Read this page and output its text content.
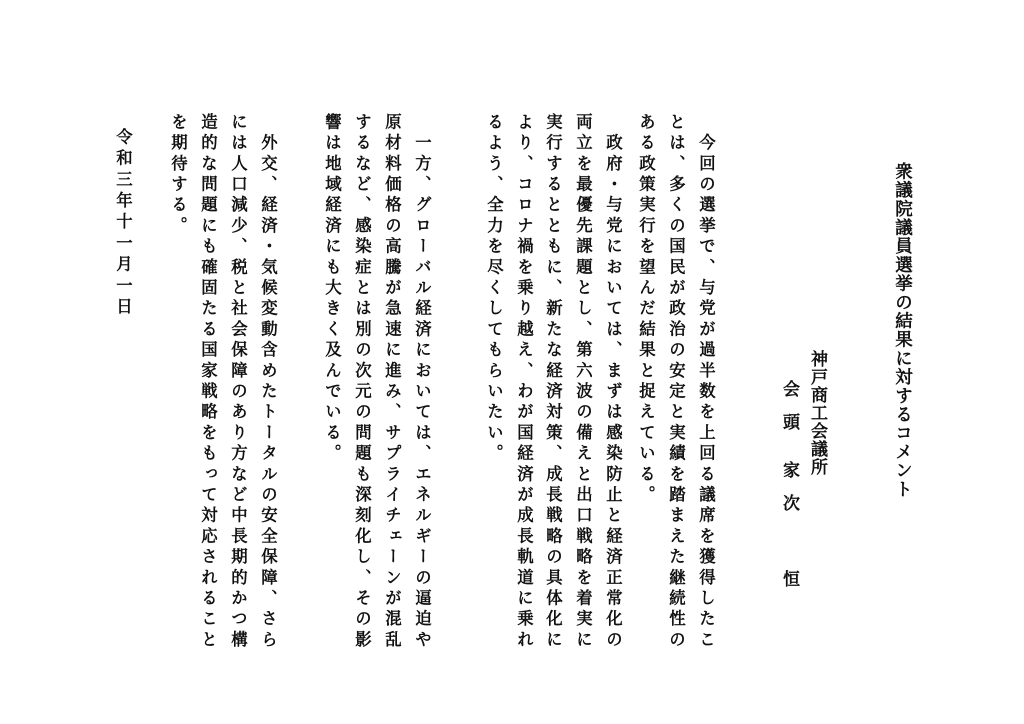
衆議院議員選挙の結果に対するコメント
神戸商工会議所
会頭家次恒
　今回の選挙で、与党が過半数を上回る議席を獲得したこ
とは、多くの国民が政治の安定と実績を踏まえた継続性の
ある政策実行を望んだ結果と捉えている。
　政府・与党においては、まずは感染防止と経済正常化の
両立を最優先課題とし、第六波の備えと出口戦略を着実に
実行するとともに、新たな経済対策、成長戦略の具体化に
より、コロナ禍を乗り越え、わが国経済が成長軌道に乗れ
るよう、全力を尽くしてもらいたい。
　一方、グローバル経済においては、エネルギーの逼迫や
原材料価格の高騰が急速に進み、サプライチェーンが混乱
するなど、感染症とは別の次元の問題も深刻化し、その影
響は地域経済にも大きく及んでいる。
　外交、経済・気候変動含めたトータルの安全保障、さら
には人口減少、税と社会保障のあり方など中長期的かつ構
造的な問題にも確固たる国家戦略をもって対応されること
を期待する。
令和三年十一月一日
